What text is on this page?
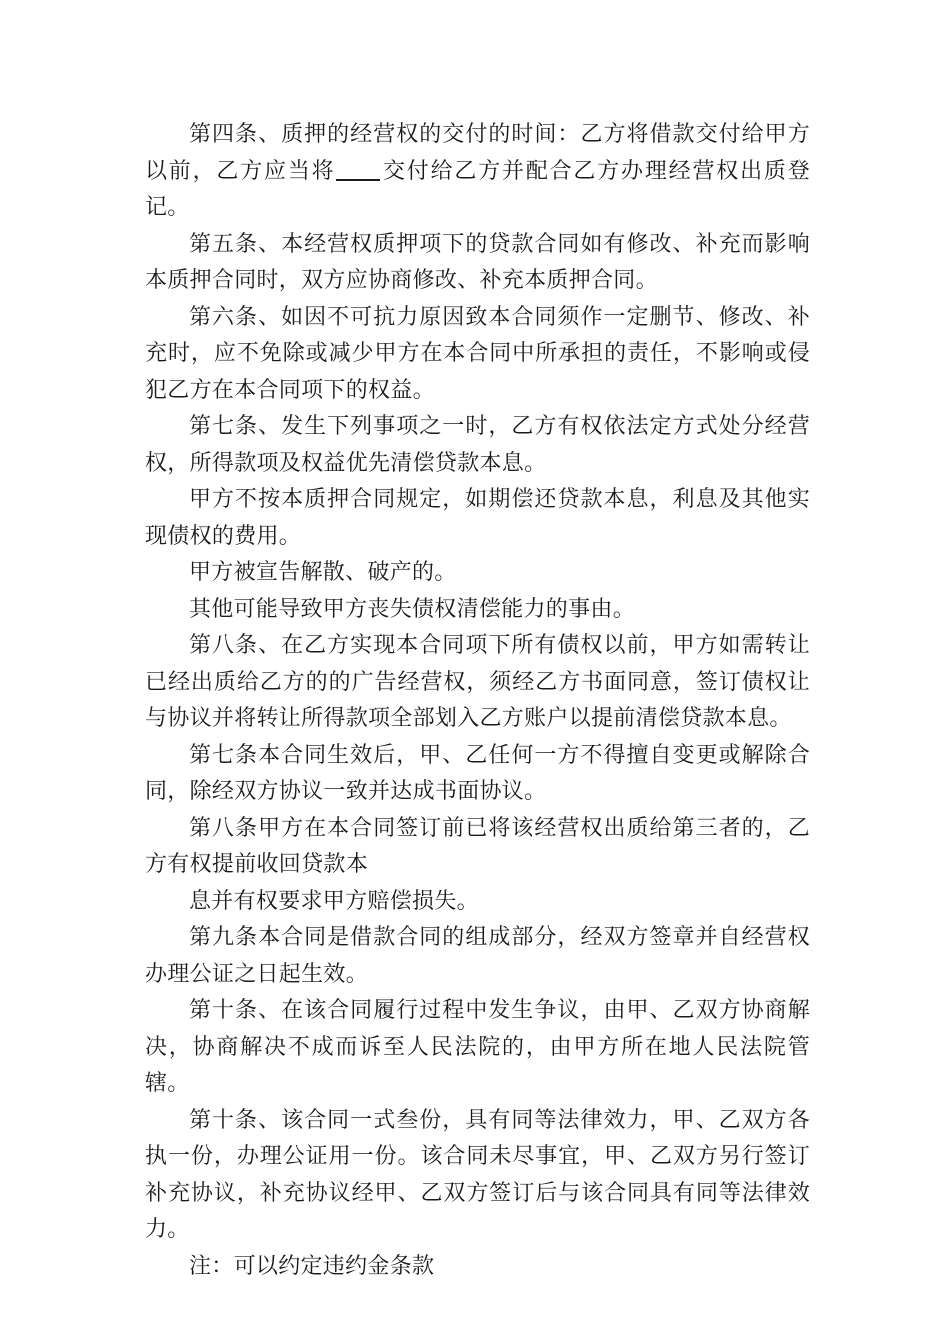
第四条、质押的经营权的交付的时间：乙方将借款交付给甲方以前，乙方应当将 交付给乙方并配合乙方办理经营权出质登记。

第五条、本经营权质押项下的贷款合同如有修改、补充而影响本质押合同时，双方应协商修改、补充本质押合同。

第六条、如因不可抗力原因致本合同须作一定删节、修改、补充时，应不免除或减少甲方在本合同中所承担的责任，不影响或侵犯乙方在本合同项下的权益。

第七条、发生下列事项之一时，乙方有权依法定方式处分经营权，所得款项及权益优先清偿贷款本息。

甲方不按本质押合同规定，如期偿还贷款本息，利息及其他实现债权的费用。

甲方被宣告解散、破产的。

其他可能导致甲方丧失债权清偿能力的事由。

第八条、在乙方实现本合同项下所有债权以前，甲方如需转让已经出质给乙方的的广告经营权，须经乙方书面同意，签订债权让与协议并将转让所得款项全部划入乙方账户以提前清偿贷款本息。

第七条本合同生效后，甲、乙任何一方不得擅自变更或解除合同，除经双方协议一致并达成书面协议。

第八条甲方在本合同签订前已将该经营权出质给第三者的，乙方有权提前收回贷款本

息并有权要求甲方赔偿损失。

第九条本合同是借款合同的组成部分，经双方签章并自经营权办理公证之日起生效。

第十条、在该合同履行过程中发生争议，由甲、乙双方协商解决，协商解决不成而诉至人民法院的，由甲方所在地人民法院管辖。

第十条、该合同一式叁份，具有同等法律效力，甲、乙双方各执一份，办理公证用一份。该合同未尽事宜，甲、乙双方另行签订补充协议，补充协议经甲、乙双方签订后与该合同具有同等法律效力。

注：可以约定违约金条款
